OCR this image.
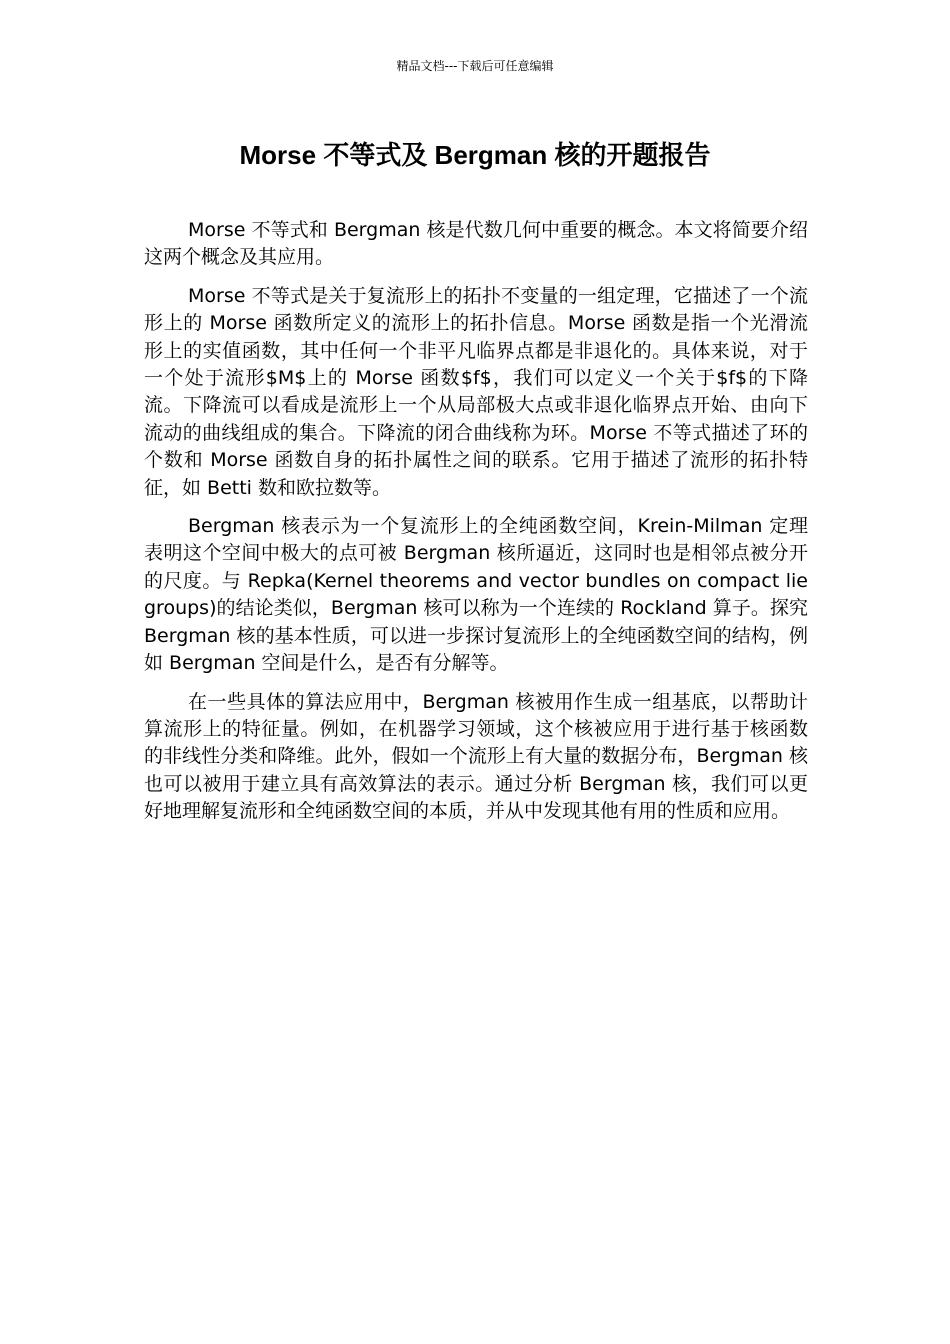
精品文档---下载后可任意编辑
Morse 不等式及 Bergman 核的开题报告

Morse 不等式和 Bergman 核是代数几何中重要的概念。本文将简要介绍这两个概念及其应用。

Morse 不等式是关于复流形上的拓扑不变量的一组定理，它描述了一个流形上的 Morse 函数所定义的流形上的拓扑信息。Morse 函数是指一个光滑流形上的实值函数，其中任何一个非平凡临界点都是非退化的。具体来说，对于一个处于流形$M$上的 Morse 函数$f$，我们可以定义一个关于$f$的下降流。下降流可以看成是流形上一个从局部极大点或非退化临界点开始、由向下流动的曲线组成的集合。下降流的闭合曲线称为环。Morse 不等式描述了环的个数和 Morse 函数自身的拓扑属性之间的联系。它用于描述了流形的拓扑特征，如 Betti 数和欧拉数等。

Bergman 核表示为一个复流形上的全纯函数空间，Krein-Milman 定理表明这个空间中极大的点可被 Bergman 核所逼近，这同时也是相邻点被分开的尺度。与 Repka(Kernel theorems and vector bundles on compact lie groups)的结论类似，Bergman 核可以称为一个连续的 Rockland 算子。探究 Bergman 核的基本性质，可以进一步探讨复流形上的全纯函数空间的结构，例如 Bergman 空间是什么，是否有分解等。

在一些具体的算法应用中，Bergman 核被用作生成一组基底，以帮助计算流形上的特征量。例如，在机器学习领域，这个核被应用于进行基于核函数的非线性分类和降维。此外，假如一个流形上有大量的数据分布，Bergman 核也可以被用于建立具有高效算法的表示。通过分析 Bergman 核，我们可以更好地理解复流形和全纯函数空间的本质，并从中发现其他有用的性质和应用。
